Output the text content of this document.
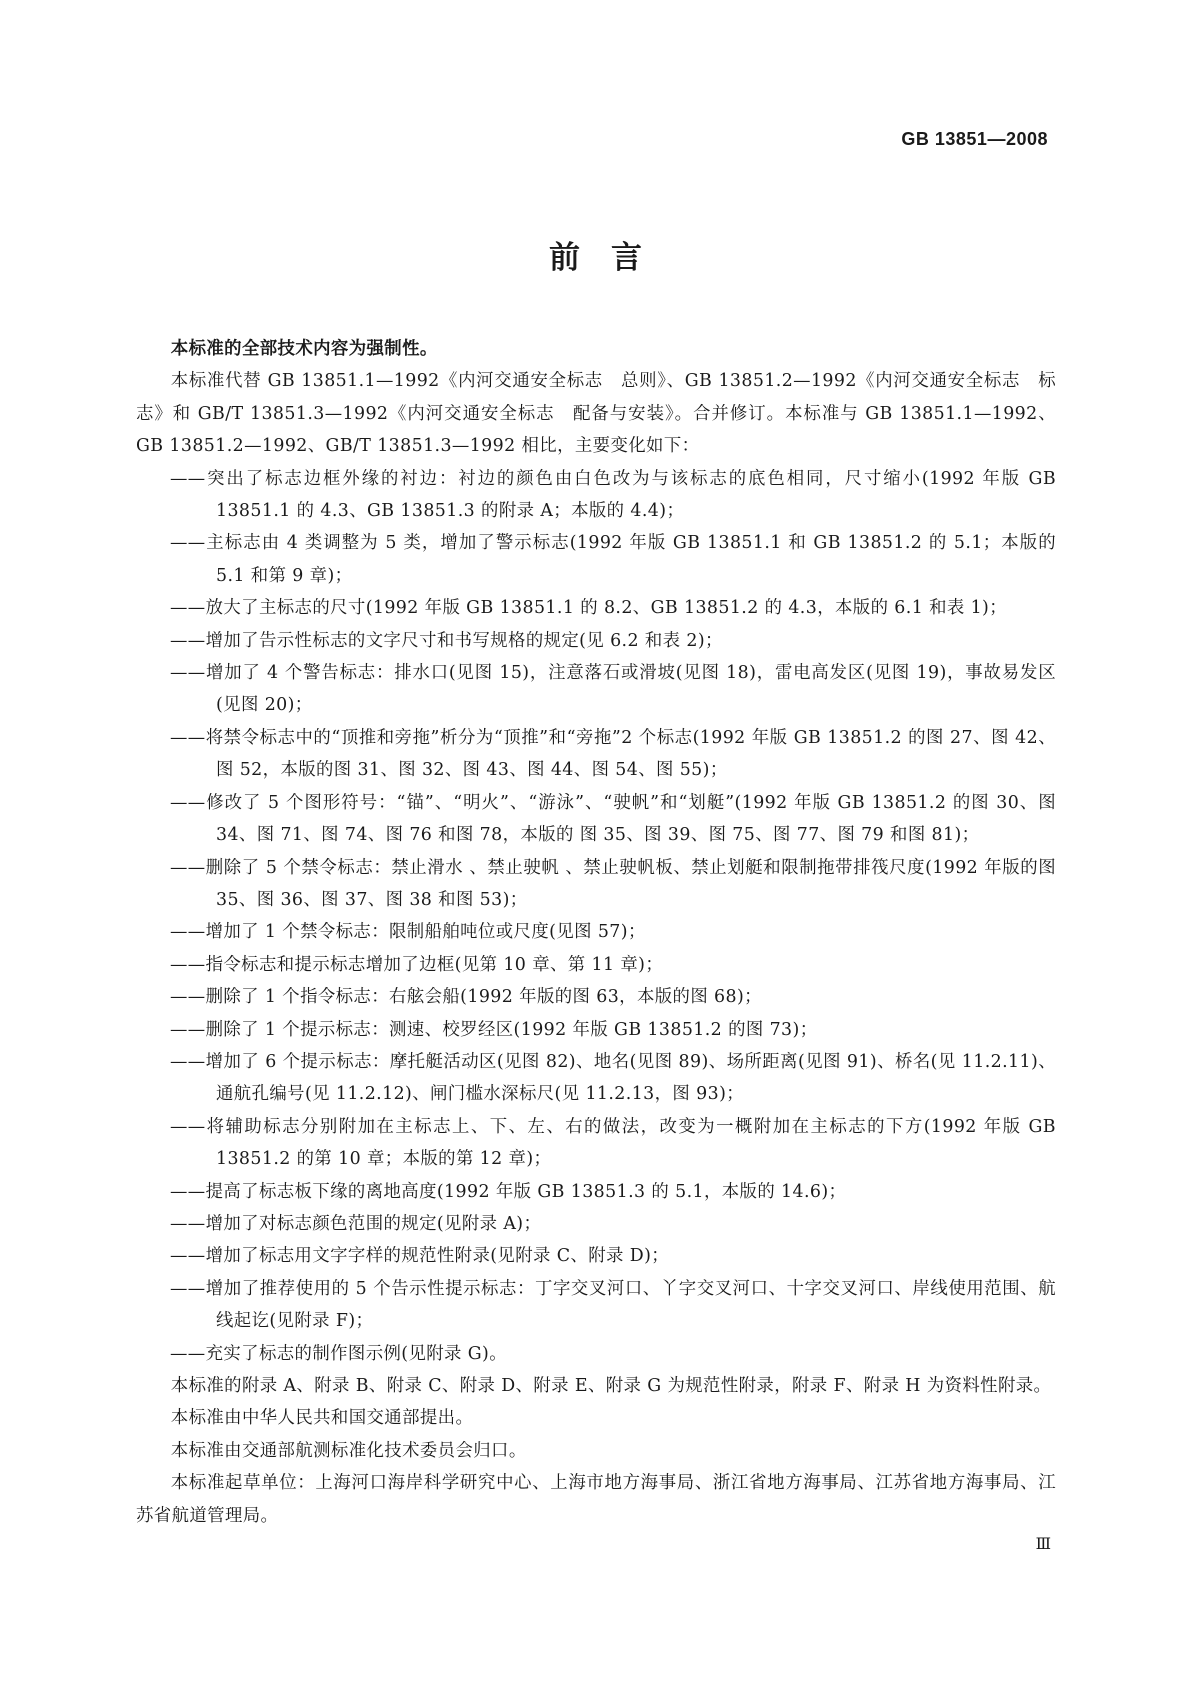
GB 13851—2008
前　言

本标准的全部技术内容为强制性。

本标准代替 GB 13851.1—1992《内河交通安全标志　总则》、GB 13851.2—1992《内河交通安全标志　标志》和 GB/T 13851.3—1992《内河交通安全标志　配备与安装》。合并修订。本标准与 GB 13851.1—1992、GB 13851.2—1992、GB/T 13851.3—1992 相比，主要变化如下：

——突出了标志边框外缘的衬边：衬边的颜色由白色改为与该标志的底色相同，尺寸缩小(1992 年版 GB 13851.1 的 4.3、GB 13851.3 的附录 A；本版的 4.4)；

——主标志由 4 类调整为 5 类，增加了警示标志(1992 年版 GB 13851.1 和 GB 13851.2 的 5.1；本版的 5.1 和第 9 章)；

——放大了主标志的尺寸(1992 年版 GB 13851.1 的 8.2、GB 13851.2 的 4.3，本版的 6.1 和表 1)；

——增加了告示性标志的文字尺寸和书写规格的规定(见 6.2 和表 2)；

——增加了 4 个警告标志：排水口(见图 15)，注意落石或滑坡(见图 18)，雷电高发区(见图 19)，事故易发区(见图 20)；

——将禁令标志中的“顶推和旁拖”析分为“顶推”和“旁拖”2 个标志(1992 年版 GB 13851.2 的图 27、图 42、图 52，本版的图 31、图 32、图 43、图 44、图 54、图 55)；

——修改了 5 个图形符号：“锚”、“明火”、“游泳”、“驶帆”和“划艇”(1992 年版 GB 13851.2 的图 30、图 34、图 71、图 74、图 76 和图 78，本版的 图 35、图 39、图 75、图 77、图 79 和图 81)；

——删除了 5 个禁令标志：禁止滑水 、禁止驶帆 、禁止驶帆板、禁止划艇和限制拖带排筏尺度(1992 年版的图 35、图 36、图 37、图 38 和图 53)；

——增加了 1 个禁令标志：限制船舶吨位或尺度(见图 57)；

——指令标志和提示标志增加了边框(见第 10 章、第 11 章)；

——删除了 1 个指令标志：右舷会船(1992 年版的图 63，本版的图 68)；

——删除了 1 个提示标志：测速、校罗经区(1992 年版 GB 13851.2 的图 73)；

——增加了 6 个提示标志：摩托艇活动区(见图 82)、地名(见图 89)、场所距离(见图 91)、桥名(见 11.2.11)、通航孔编号(见 11.2.12)、闸门槛水深标尺(见 11.2.13，图 93)；

——将辅助标志分别附加在主标志上、下、左、右的做法，改变为一概附加在主标志的下方(1992 年版 GB 13851.2 的第 10 章；本版的第 12 章)；

——提高了标志板下缘的离地高度(1992 年版 GB 13851.3 的 5.1，本版的 14.6)；

——增加了对标志颜色范围的规定(见附录 A)；

——增加了标志用文字字样的规范性附录(见附录 C、附录 D)；

——增加了推荐使用的 5 个告示性提示标志：丁字交叉河口、丫字交叉河口、十字交叉河口、岸线使用范围、航线起讫(见附录 F)；

——充实了标志的制作图示例(见附录 G)。

本标准的附录 A、附录 B、附录 C、附录 D、附录 E、附录 G 为规范性附录，附录 F、附录 H 为资料性附录。

本标准由中华人民共和国交通部提出。

本标准由交通部航测标准化技术委员会归口。

本标准起草单位：上海河口海岸科学研究中心、上海市地方海事局、浙江省地方海事局、江苏省地方海事局、江苏省航道管理局。

Ⅲ
